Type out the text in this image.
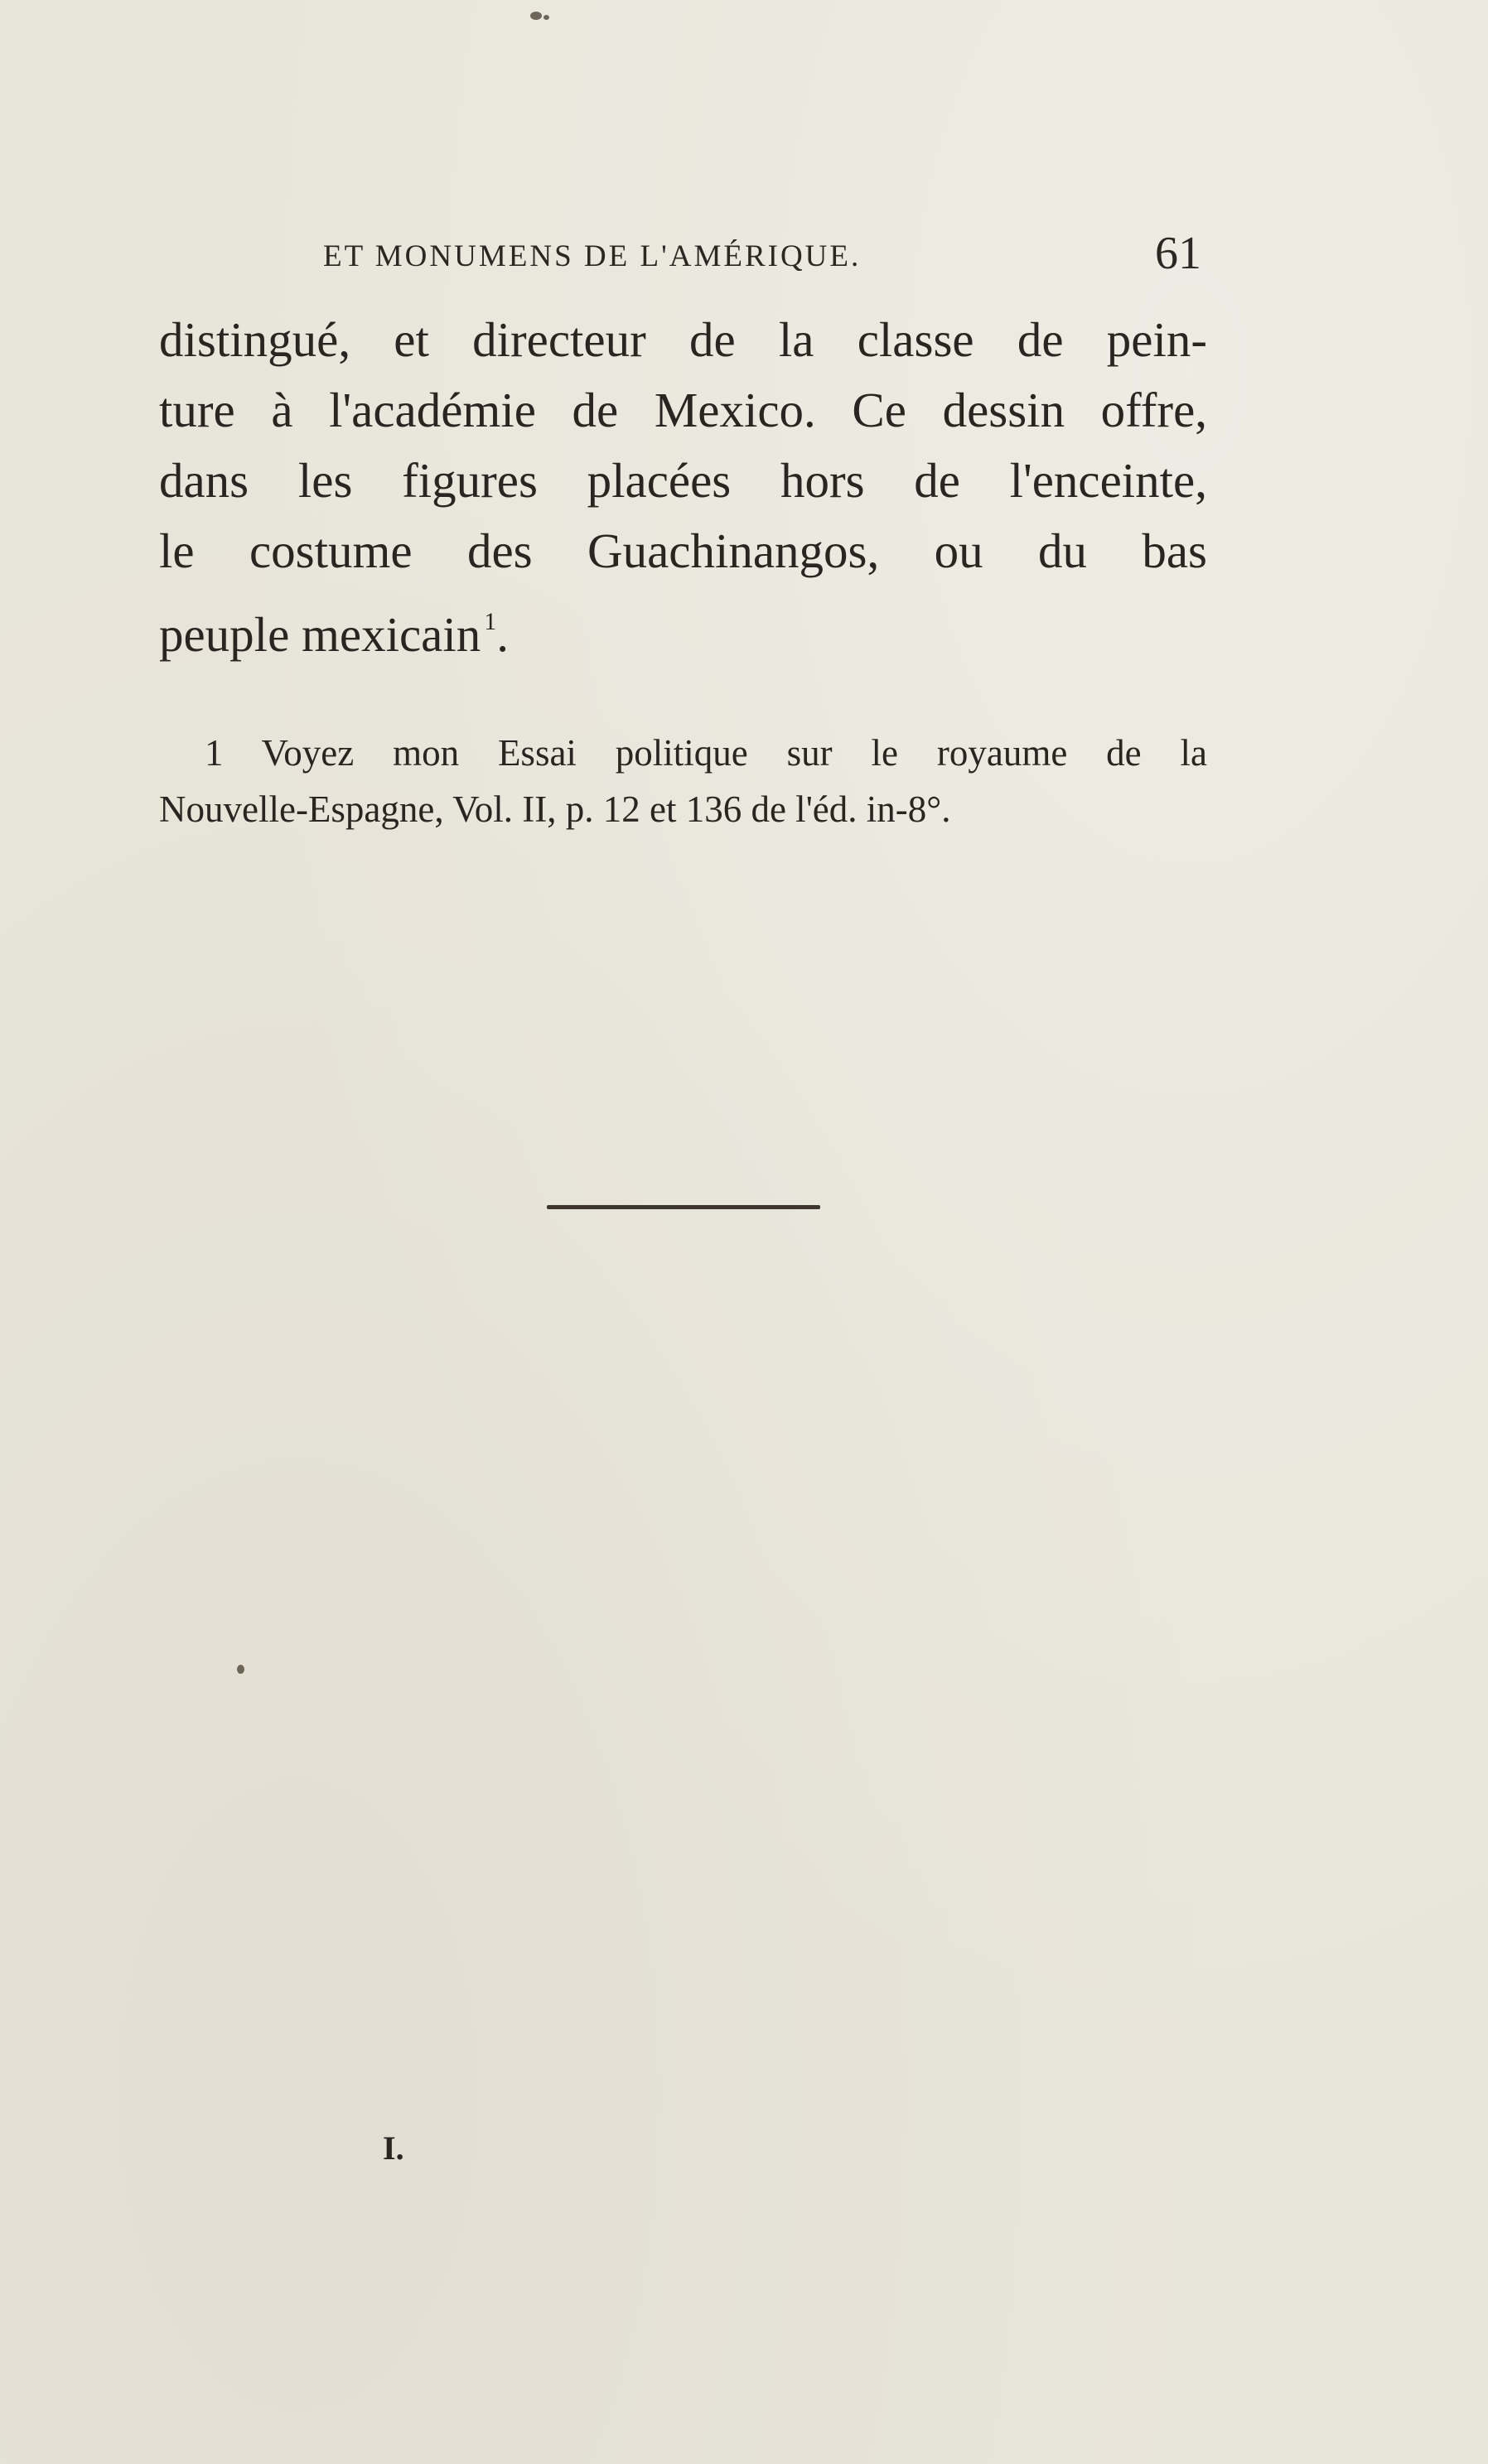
ET MONUMENS DE L'AMÉRIQUE.	61
distingué, et directeur de la classe de pein-
ture à l'académie de Mexico. Ce dessin offre,
dans les figures placées hors de l'enceinte,
le costume des Guachinangos, ou du bas
peuple mexicain $^1$.
1 Voyez mon Essai politique sur le royaume de la
Nouvelle-Espagne, Vol. II, p. 12 et 136 de l'éd. in-8°.
I.
